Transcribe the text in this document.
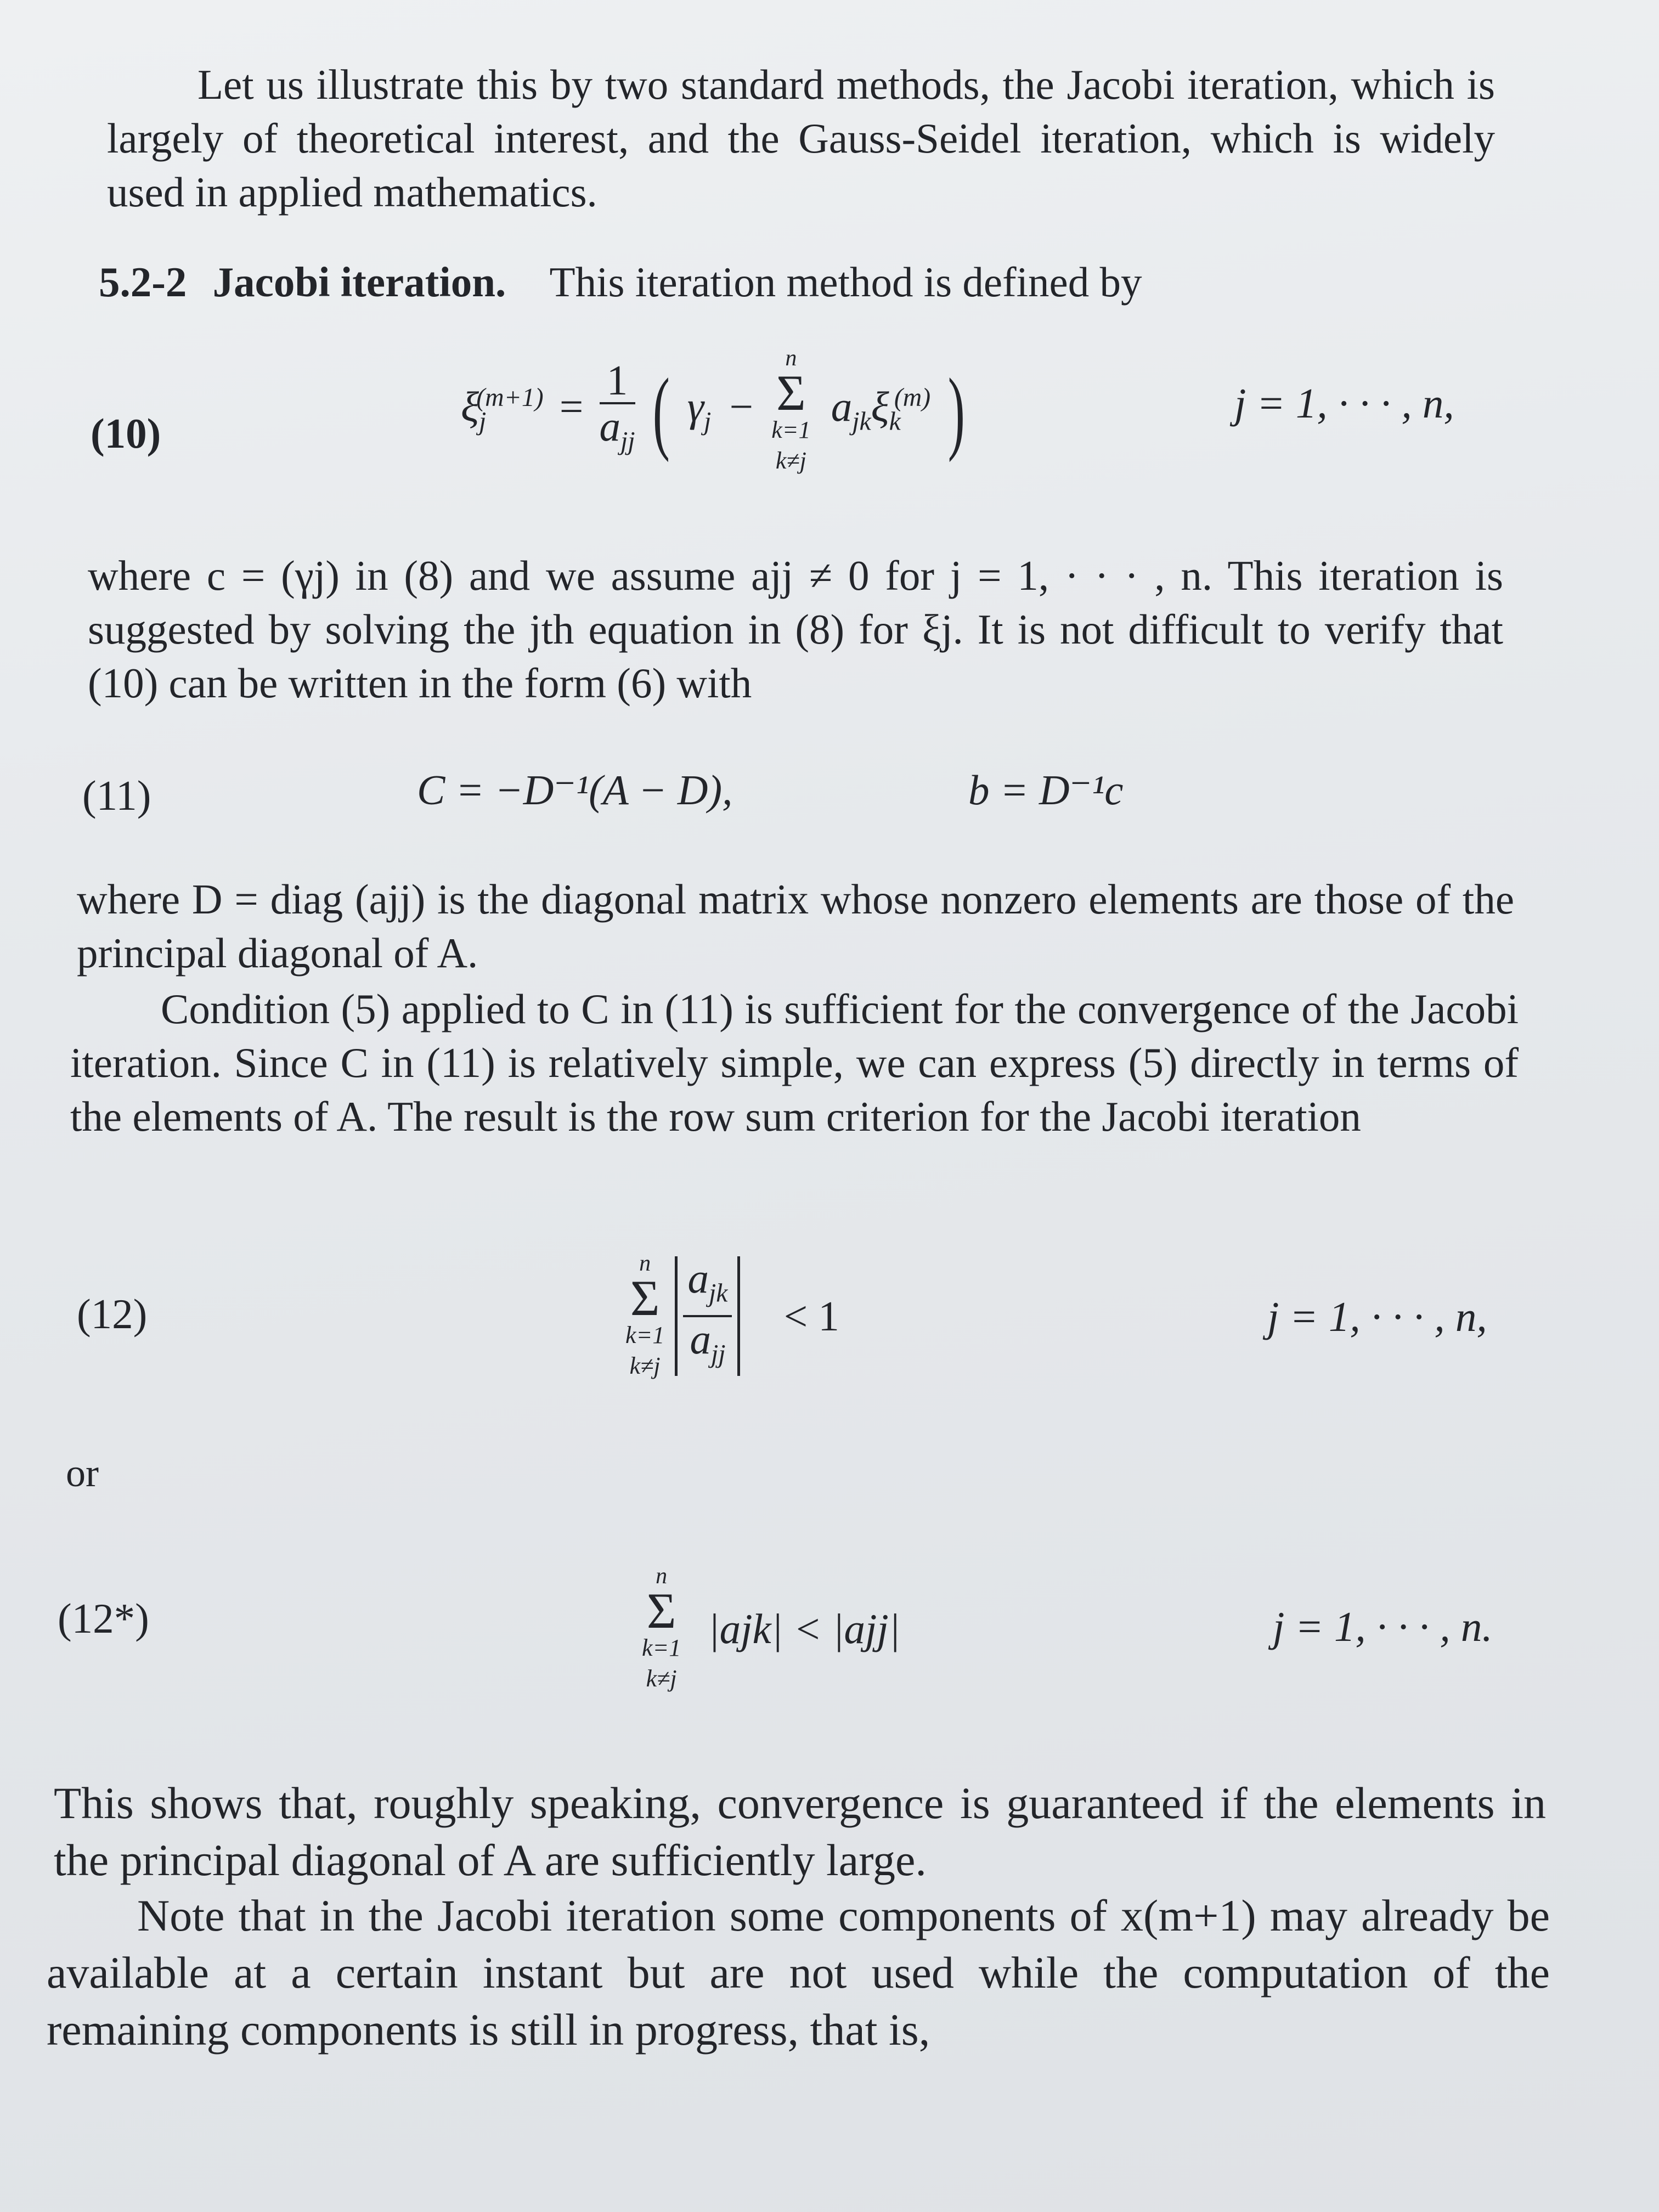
Let us illustrate this by two standard methods, the Jacobi iteration, which is largely of theoretical interest, and the Gauss-Seidel iteration, which is widely used in applied mathematics.

5.2-2 Jacobi iteration. This iteration method is defined by
(10)
$\xi_j^{(m+1)} = \frac{1}{a_{jj}}$ ( $\gamma_j$ −
n
Σ
k=1
k≠j
$a_{jk}\xi_k^{(m)}$ )	j = 1, · · · , n,

where c = (γj) in (8) and we assume ajj ≠ 0 for j = 1, · · · , n. This iteration is suggested by solving the jth equation in (8) for ξj. It is not difficult to verify that (10) can be written in the form (6) with

(11)	C = −D⁻¹(A − D),	b = D⁻¹c

where D = diag (ajj) is the diagonal matrix whose nonzero elements are those of the principal diagonal of A.

Condition (5) applied to C in (11) is sufficient for the convergence of the Jacobi iteration. Since C in (11) is relatively simple, we can express (5) directly in terms of the elements of A. The result is the row sum criterion for the Jacobi iteration

(12)
n
Σ
k=1
k≠j
$\frac{a_{jk}}{a_{jj}} < 1$	j = 1, · · · , n,
or
(12*)
n
Σ
k=1
k≠j
|ajk| < |ajj|	j = 1, · · · , n.

This shows that, roughly speaking, convergence is guaranteed if the elements in the principal diagonal of A are sufficiently large.

Note that in the Jacobi iteration some components of x(m+1) may already be available at a certain instant but are not used while the computation of the remaining components is still in progress, that is,
